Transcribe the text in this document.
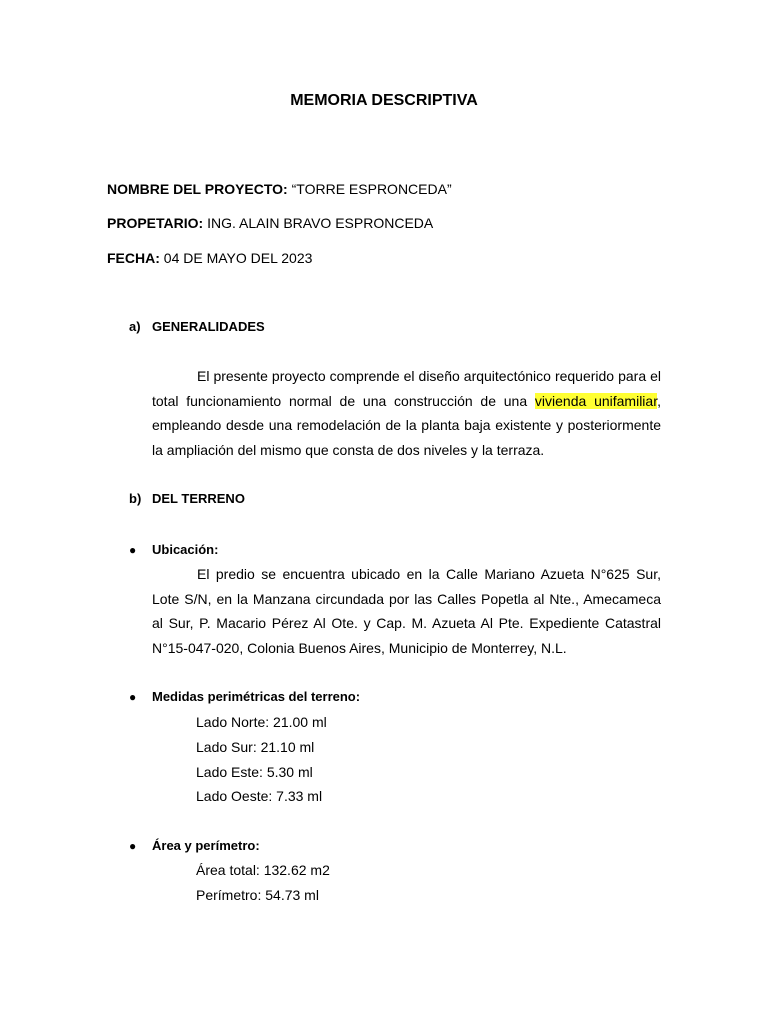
MEMORIA DESCRIPTIVA
NOMBRE DEL PROYECTO: “TORRE ESPRONCEDA”
PROPETARIO: ING. ALAIN BRAVO ESPRONCEDA
FECHA: 04 DE MAYO DEL 2023
a) GENERALIDADES
El presente proyecto comprende el diseño arquitectónico requerido para el total funcionamiento normal de una construcción de una vivienda unifamiliar, empleando desde una remodelación de la planta baja existente y posteriormente la ampliación del mismo que consta de dos niveles y la terraza.
b) DEL TERRENO
● Ubicación:
El predio se encuentra ubicado en la Calle Mariano Azueta N°625 Sur, Lote S/N, en la Manzana circundada por las Calles Popetla al Nte., Amecameca al Sur, P. Macario Pérez Al Ote. y Cap. M. Azueta Al Pte. Expediente Catastral N°15-047-020, Colonia Buenos Aires, Municipio de Monterrey, N.L.
● Medidas perimétricas del terreno:
Lado Norte: 21.00 ml
Lado Sur: 21.10 ml
Lado Este: 5.30 ml
Lado Oeste: 7.33 ml
● Área y perímetro:
Área total: 132.62 m2
Perímetro: 54.73 ml
